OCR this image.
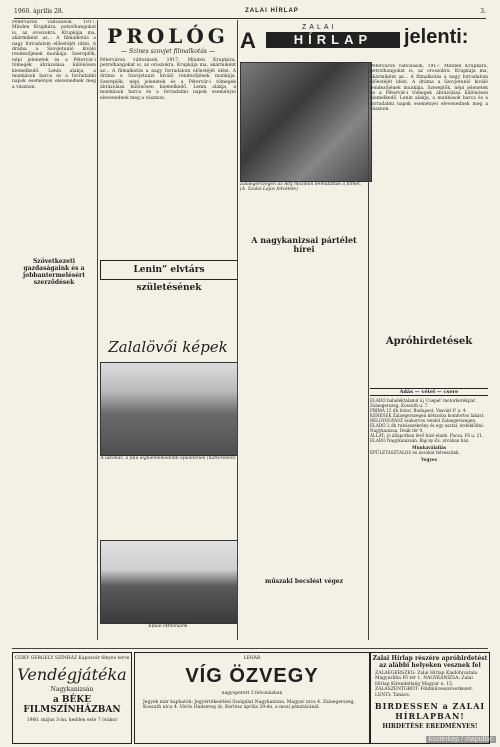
1960. április 28.	ZALAI HÍRLAP	3.

Péterváron változások, 1917. Minden Krupkára, petrolhangokat is, az oroszokra. Krupkája ma, akármiként az... A filmalkotás a nagy forradalom előestéjét idézi. A dráma a Szovjetunió kiváló rendezőjének munkája. Szereplők, népi jelenetek és a Pétervár-i tömegek ábrázolása különösen kiemelkedő. Lenin alakja, a munkások harca és a forradalmi napok eseményei elevenednek meg a vásznon.

PROLÓG
— Szines szovjet filmalkotás —

Péterváron változások, 1917. Minden Krupkára, petrolhangokat is, az oroszokra. Krupkája ma, akármiként az... A filmalkotás a nagy forradalom előestéjét idézi. A dráma a Szovjetunió kiváló rendezőjének munkája. Szereplők, népi jelenetek és a Pétervár-i tömegek ábrázolása különösen kiemelkedő. Lenin alakja, a munkások harca és a forradalmi napok eseményei elevenednek meg a vásznon.

A
ZALAI
HÍRLAP	jelenti:
Zalaegerszegen az Ady moziban bemutatták a filmet. (A. Szabó Lajos felvétele)
A nagykanizsai pártélet hírei

Péterváron változások, 1917. Minden Krupkára, petrolhangokat is, az oroszokra. Krupkája ma, akármiként az... A filmalkotás a nagy forradalom előestéjét idézi. A dráma a Szovjetunió kiváló rendezőjének munkája. Szereplők, népi jelenetek és a Pétervár-i tömegek ábrázolása különösen kiemelkedő. Lenin alakja, a munkások harca és a forradalmi napok eseményei elevenednek meg a vásznon.

Szövetkezeti gazdaságaink és a jobbantermelésért szerződések
Lenin” elvtárs születésének
Zalalövői képek
A lakóház, a falu legkiemelkedőbb épületének (hátterében)
Épülő otthonaink
műszaki becslést végez
Apróhirdetések
Adás — vétel — csere
ELADÓ haladéktalanul új 'Csepel' motorkerékpár. Zalaegerszeg, Kossuth u. 7.
PRIMA 15 db bútor, Budapest, Vasvári P. u. 4.
KERESEK Zalaegerszegen kétszoba komfortos lakást.
BELGYÓGYÁSZ szakorvos rendel Zalaegerszegen.
ELADÓ 2 db ruhásszekrény és egy asztal, érdeklődni: Nagykanizsa, Deák tér 9.
ÁLLAT: jó állapotban lévő hízó eladó. Pacsa, Fő u. 21.
ELADÓ Nagykanizsán, Bajcsy-Zs. utcában ház.
Munkaválallás
ÉPÜLETASZTALOS és ácsokat felveszünk.
Vegyes
CSIKY GERGELY SZÍNHÁZ Kaposvár fényes terve
Vendégjátéka
Nagykanizsán
a BÉKE FILMSZÍNHÁZBAN
1960. május 3-án, kedden este 7 órakor
LEHÁR
VÍG ÖZVEGY
nagyoperett 3 felvonásban
Jegyek már kaphatók: Jegyértékesítési Szolgálat Nagykanizsa, Magyar utca 4. Zalaegerszeg, Kossuth utca 4. Vörös Hadsereg út, Kertész április 29-én, a mozi pénztáránál.
Zalai Hírlap részére apróhirdetést az alábbi helyeken vesznek fel
ZALAEGERSZEG: Zalai Hírlap Kiadóhivatala Magyarliba Fő tér 1. NAGYKANIZSA: Zalai Hírlap Kirendeltség Magyar u. 15. ZALASZENTGRÓT: Földművesszövetkezet. LENTI: Tanács.
BIRDESSEN a ZALAI HÍRLAPBAN!
HIRDETÉSE EREDMÉNYES!
kozterkep / mapublic
